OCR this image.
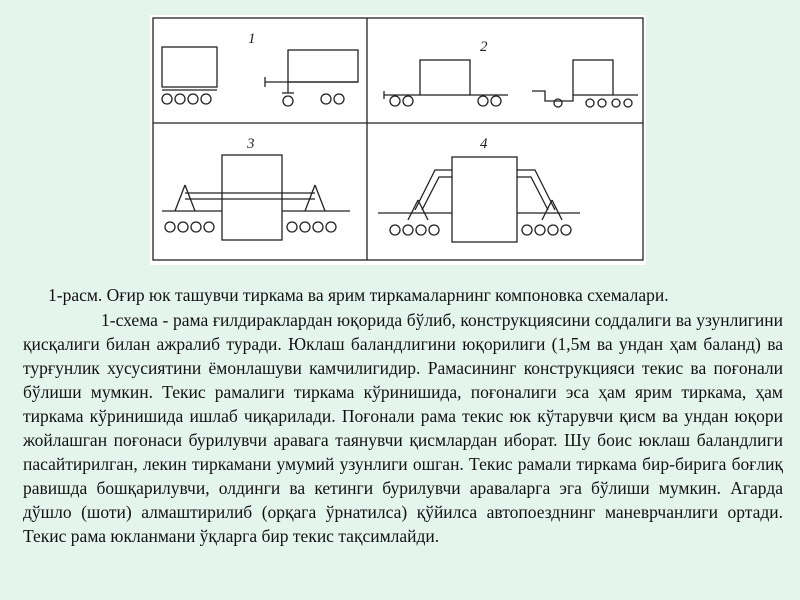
1	2
3	4
1-расм. Оғир юк ташувчи тиркама ва ярим тиркамаларнинг компоновка схемалари.

1-схема - рама ғилдираклардан юқорида бўлиб, конструкциясини соддалиги ва узунлигини қисқалиги билан ажралиб туради. Юклаш баландлигини юқорилиги (1,5м ва ундан ҳам баланд) ва турғунлик хусусиятини ёмонлашуви камчилигидир. Рамасининг конструкцияси текис ва поғонали бўлиши мумкин. Текис рамалиги тиркама кўринишида, поғоналиги эса ҳам ярим тиркама, ҳам тиркама кўринишида ишлаб чиқарилади. Поғонали рама текис юк кўтарувчи қисм ва ундан юқори жойлашган поғонаси бурилувчи аравага таянувчи қисмлардан иборат. Шу боис юклаш баландлиги пасайтирилган, лекин тиркамани умумий узунлиги ошган. Текис рамали тиркама бир-бирига боғлиқ равишда бошқарилувчи, олдинги ва кетинги бурилувчи араваларга эга бўлиши мумкин. Агарда дўшло (шоти) алмаштирилиб (орқага ўрнатилса) қўйилса автопоезднинг маневрчанлиги ортади. Текис рама юкланмани ўқларга бир текис тақсимлайди.
